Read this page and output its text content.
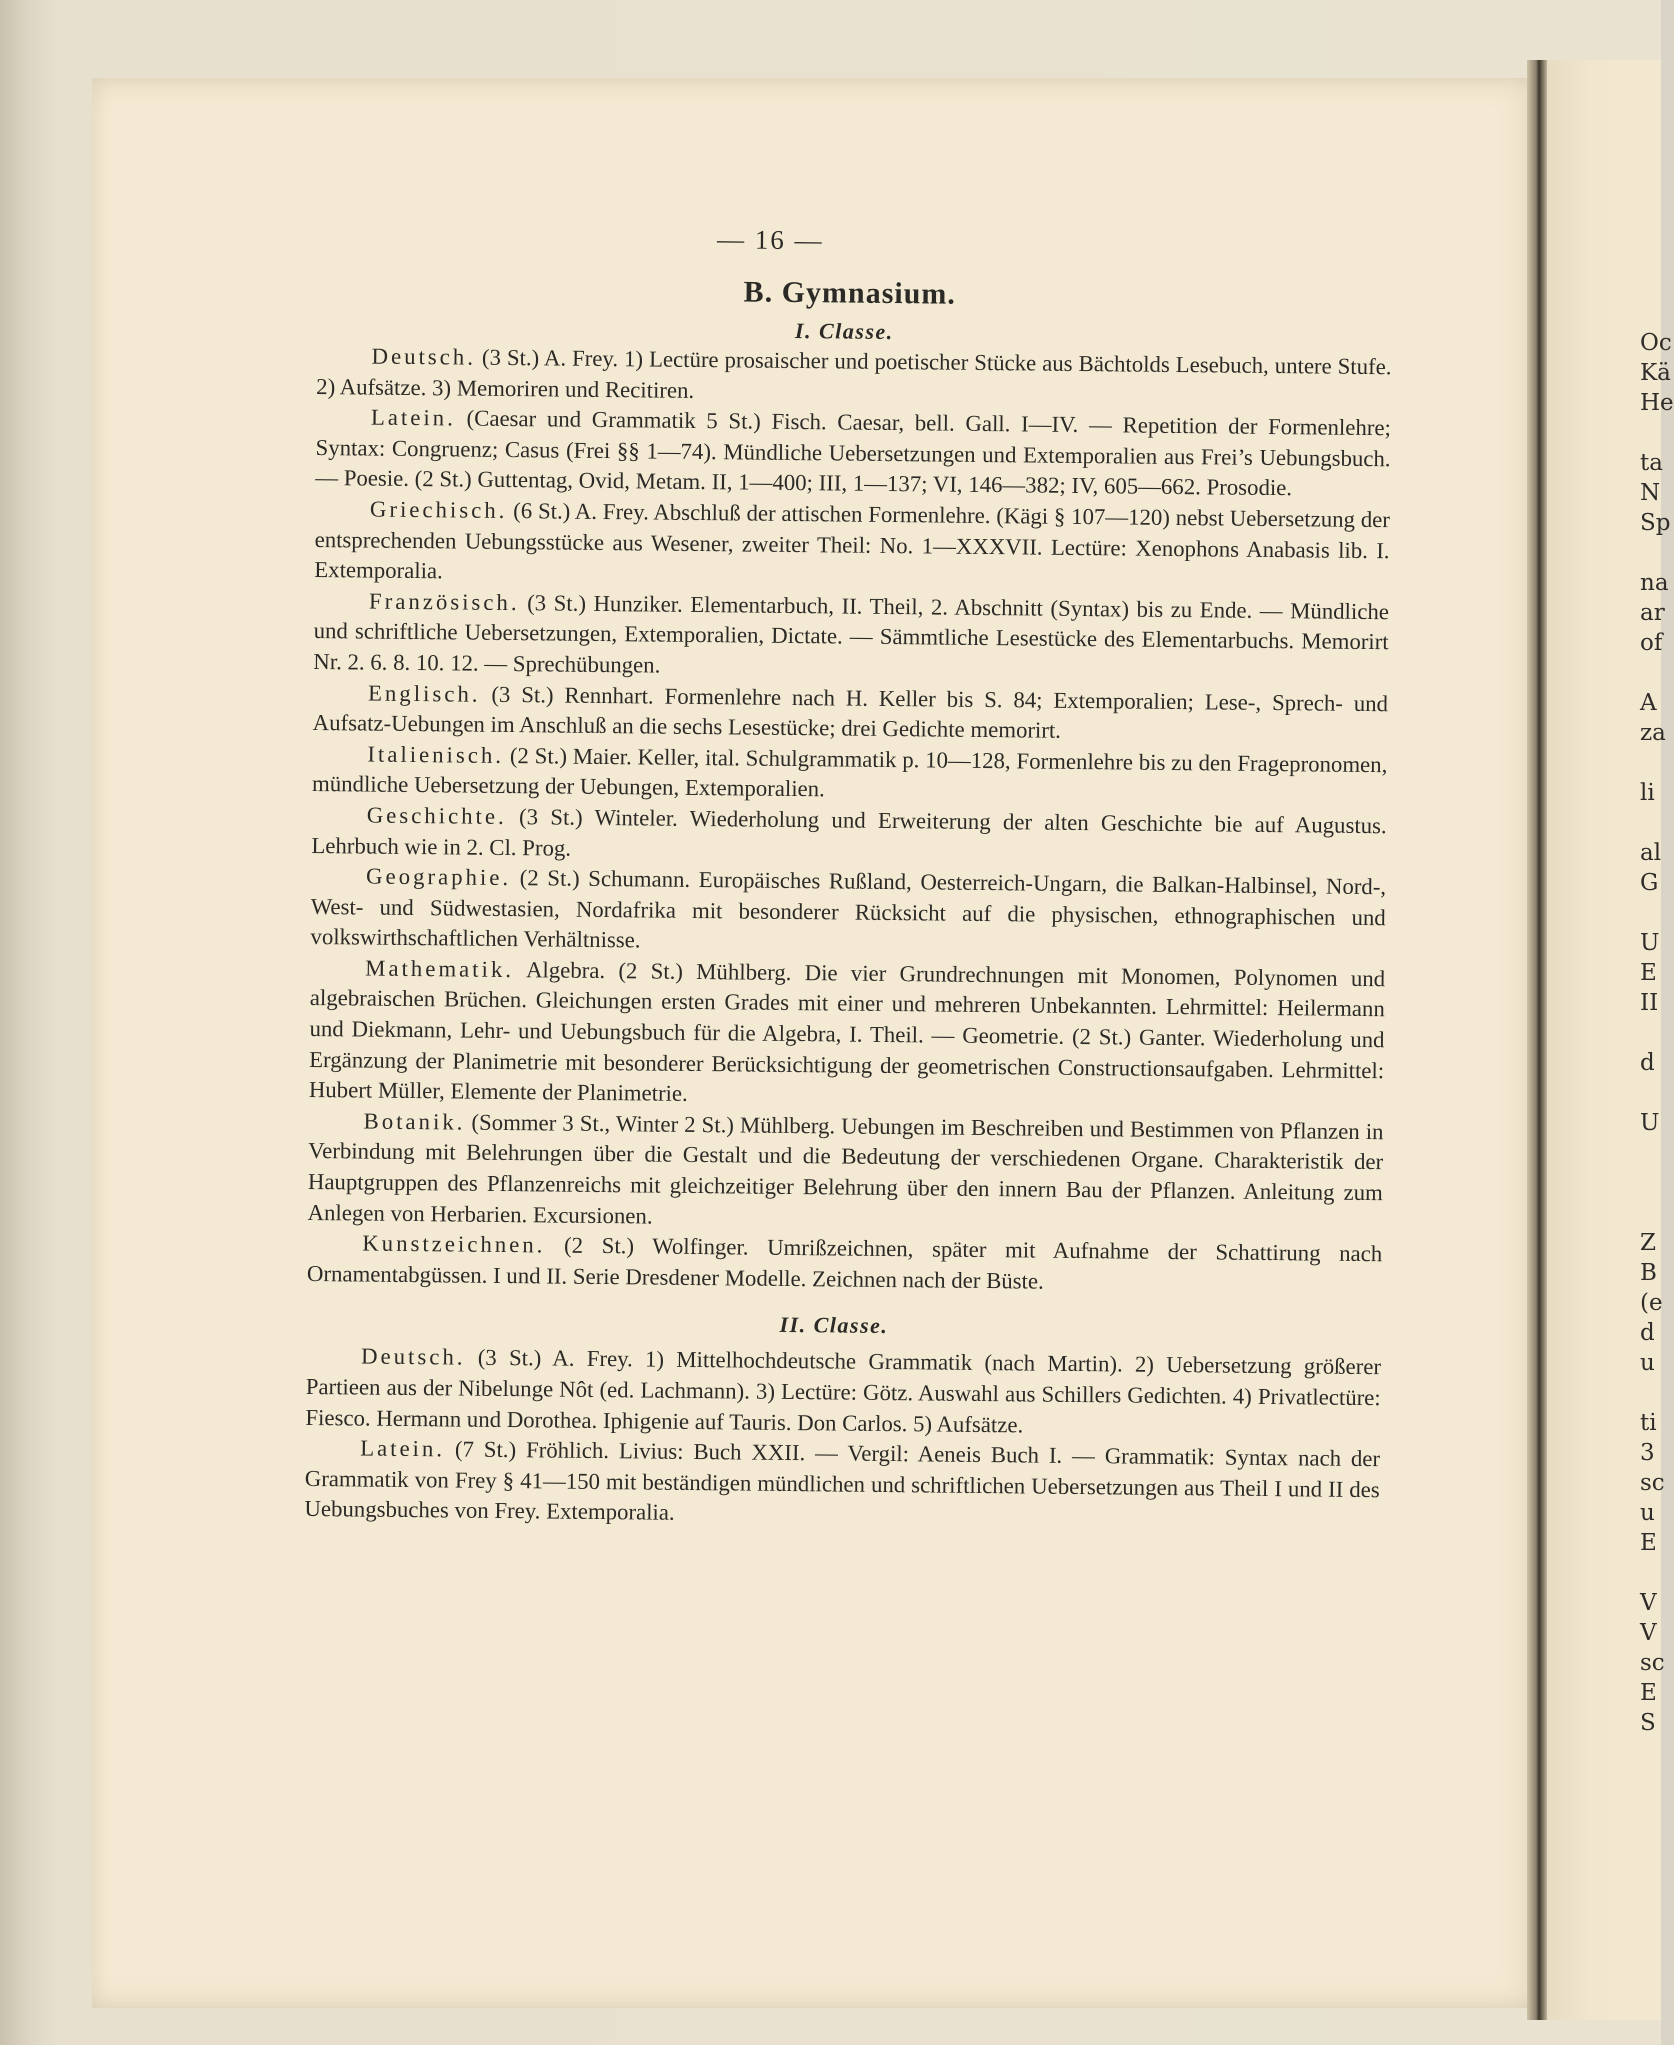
— 16 —
B. Gymnasium.
I. Classe.

Deutsch. (3 St.) A. Frey. 1) Lectüre prosaischer und poetischer Stücke aus Bächtolds Lesebuch, untere Stufe. 2) Aufsätze. 3) Memoriren und Recitiren.

Latein. (Caesar und Grammatik 5 St.) Fisch. Caesar, bell. Gall. I—IV. — Repetition der Formenlehre; Syntax: Congruenz; Casus (Frei §§ 1—74). Mündliche Uebersetzungen und Extemporalien aus Frei’s Uebungsbuch. — Poesie. (2 St.) Guttentag, Ovid, Metam. II, 1—400; III, 1—137; VI, 146—382; IV, 605—662. Prosodie.

Griechisch. (6 St.) A. Frey. Abschluß der attischen Formenlehre. (Kägi § 107—120) nebst Uebersetzung der entsprechenden Uebungsstücke aus Wesener, zweiter Theil: No. 1—XXXVII. Lectüre: Xenophons Anabasis lib. I. Extemporalia.

Französisch. (3 St.) Hunziker. Elementarbuch, II. Theil, 2. Abschnitt (Syntax) bis zu Ende. — Mündliche und schriftliche Uebersetzungen, Extemporalien, Dictate. — Sämmtliche Lesestücke des Elementarbuchs. Memorirt Nr. 2. 6. 8. 10. 12. — Sprechübungen.

Englisch. (3 St.) Rennhart. Formenlehre nach H. Keller bis S. 84; Extemporalien; Lese-, Sprech- und Aufsatz-Uebungen im Anschluß an die sechs Lesestücke; drei Gedichte memorirt.

Italienisch. (2 St.) Maier. Keller, ital. Schulgrammatik p. 10—128, Formenlehre bis zu den Fragepronomen, mündliche Uebersetzung der Uebungen, Extemporalien.

Geschichte. (3 St.) Winteler. Wiederholung und Erweiterung der alten Geschichte bie auf Augustus. Lehrbuch wie in 2. Cl. Prog.

Geographie. (2 St.) Schumann. Europäisches Rußland, Oesterreich-Ungarn, die Balkan-Halbinsel, Nord-, West- und Südwestasien, Nordafrika mit besonderer Rücksicht auf die physischen, ethnographischen und volkswirthschaftlichen Verhältnisse.

Mathematik. Algebra. (2 St.) Mühlberg. Die vier Grundrechnungen mit Monomen, Polynomen und algebraischen Brüchen. Gleichungen ersten Grades mit einer und mehreren Unbekannten. Lehrmittel: Heilermann und Diekmann, Lehr- und Uebungsbuch für die Algebra, I. Theil. — Geometrie. (2 St.) Ganter. Wiederholung und Ergänzung der Planimetrie mit besonderer Berücksichtigung der geometrischen Constructionsaufgaben. Lehrmittel: Hubert Müller, Elemente der Planimetrie.

Botanik. (Sommer 3 St., Winter 2 St.) Mühlberg. Uebungen im Beschreiben und Bestimmen von Pflanzen in Verbindung mit Belehrungen über die Gestalt und die Bedeutung der verschiedenen Organe. Charakteristik der Hauptgruppen des Pflanzenreichs mit gleichzeitiger Belehrung über den innern Bau der Pflanzen. Anleitung zum Anlegen von Herbarien. Excursionen.

Kunstzeichnen. (2 St.) Wolfinger. Umrißzeichnen, später mit Aufnahme der Schattirung nach Ornamentabgüssen. I und II. Serie Dresdener Modelle. Zeichnen nach der Büste.

II. Classe.

Deutsch. (3 St.) A. Frey. 1) Mittelhochdeutsche Grammatik (nach Martin). 2) Uebersetzung größerer Partieen aus der Nibelunge Nôt (ed. Lachmann). 3) Lectüre: Götz. Auswahl aus Schillers Gedichten. 4) Privatlectüre: Fiesco. Hermann und Dorothea. Iphigenie auf Tauris. Don Carlos. 5) Aufsätze.

Latein. (7 St.) Fröhlich. Livius: Buch XXII. — Vergil: Aeneis Buch I. — Grammatik: Syntax nach der Grammatik von Frey § 41—150 mit beständigen mündlichen und schriftlichen Uebersetzungen aus Theil I und II des Uebungsbuches von Frey. Extemporalia.

Oc
Kä
He
ta
N
Sp
na
ar
of
A
za
li
al
G
U
E
II
d
U
Z
B
(e
d
u
ti
3
sc
u
E
V
V
sc
E
S
